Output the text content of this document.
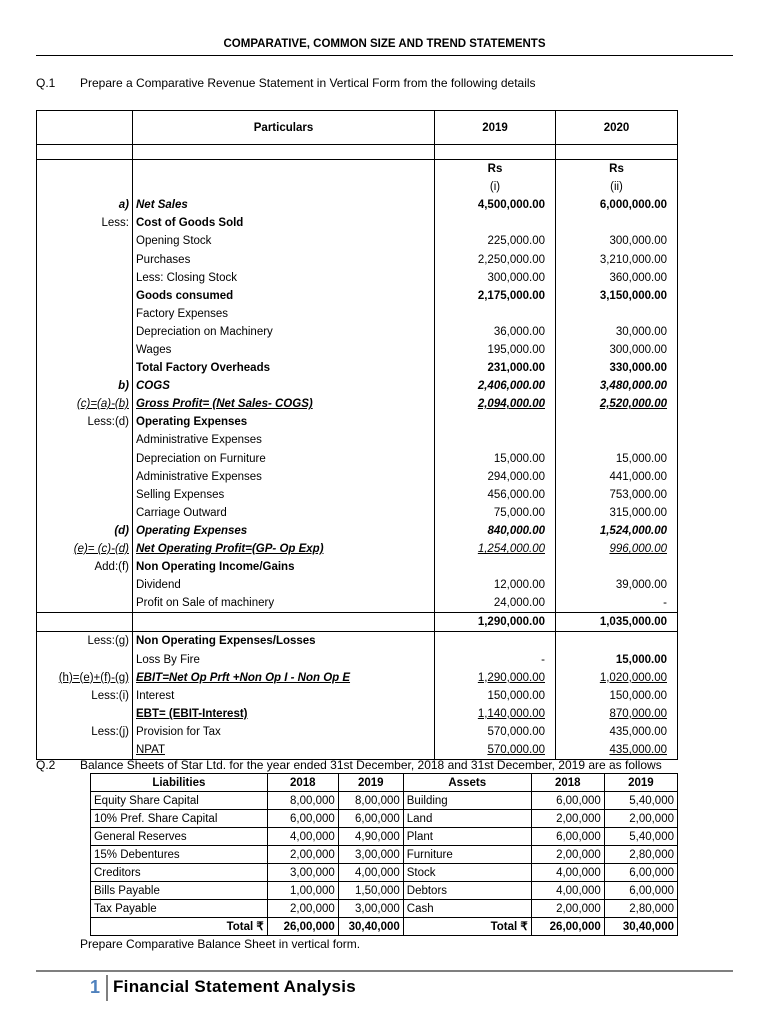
COMPARATIVE, COMMON SIZE AND TREND STATEMENTS
Q.1 Prepare a Comparative Revenue Statement in Vertical Form from the following details
	Particulars	2019	2020

		Rs	Rs
		(i)	(ii)
a)	Net Sales	4,500,000.00	6,000,000.00
Less:	Cost of Goods Sold		
	Opening Stock	225,000.00	300,000.00
	Purchases	2,250,000.00	3,210,000.00
	Less: Closing Stock	300,000.00	360,000.00
	Goods consumed	2,175,000.00	3,150,000.00
	Factory Expenses		
	Depreciation on Machinery	36,000.00	30,000.00
	Wages	195,000.00	300,000.00
	Total Factory Overheads	231,000.00	330,000.00
b)	COGS	2,406,000.00	3,480,000.00
(c)=(a)-(b)	Gross Profit= (Net Sales- COGS)	2,094,000.00	2,520,000.00
Less:(d)	Operating Expenses		
	Administrative Expenses		
	Depreciation on Furniture	15,000.00	15,000.00
	Administrative Expenses	294,000.00	441,000.00
	Selling Expenses	456,000.00	753,000.00
	Carriage Outward	75,000.00	315,000.00
(d)	Operating Expenses	840,000.00	1,524,000.00
(e)= (c)-(d)	Net Operating Profit=(GP- Op Exp)	1,254,000.00	996,000.00
Add:(f)	Non Operating Income/Gains		
	Dividend	12,000.00	39,000.00
	Profit on Sale of machinery	24,000.00	-
		1,290,000.00	1,035,000.00
Less:(g)	Non Operating Expenses/Losses		
	Loss By Fire	-	15,000.00
(h)=(e)+(f)-(g)	EBIT=Net Op Prft +Non Op I - Non Op E	1,290,000.00	1,020,000.00
Less:(i)	Interest	150,000.00	150,000.00
	EBT= (EBIT-Interest)	1,140,000.00	870,000.00
Less:(j)	Provision for Tax	570,000.00	435,000.00
	NPAT	570,000.00	435,000.00
Q.2 Balance Sheets of Star Ltd. for the year ended 31st December, 2018 and 31st December, 2019 are as follows
Liabilities	2018	2019	Assets	2018	2019
Equity Share Capital	8,00,000	8,00,000	Building	6,00,000	5,40,000
10% Pref. Share Capital	6,00,000	6,00,000	Land	2,00,000	2,00,000
General Reserves	4,00,000	4,90,000	Plant	6,00,000	5,40,000
15% Debentures	2,00,000	3,00,000	Furniture	2,00,000	2,80,000
Creditors	3,00,000	4,00,000	Stock	4,00,000	6,00,000
Bills Payable	1,00,000	1,50,000	Debtors	4,00,000	6,00,000
Tax Payable	2,00,000	3,00,000	Cash	2,00,000	2,80,000
Total ₹	26,00,000	30,40,000	Total ₹	26,00,000	30,40,000
Prepare Comparative Balance Sheet in vertical form.
1 Financial Statement Analysis
